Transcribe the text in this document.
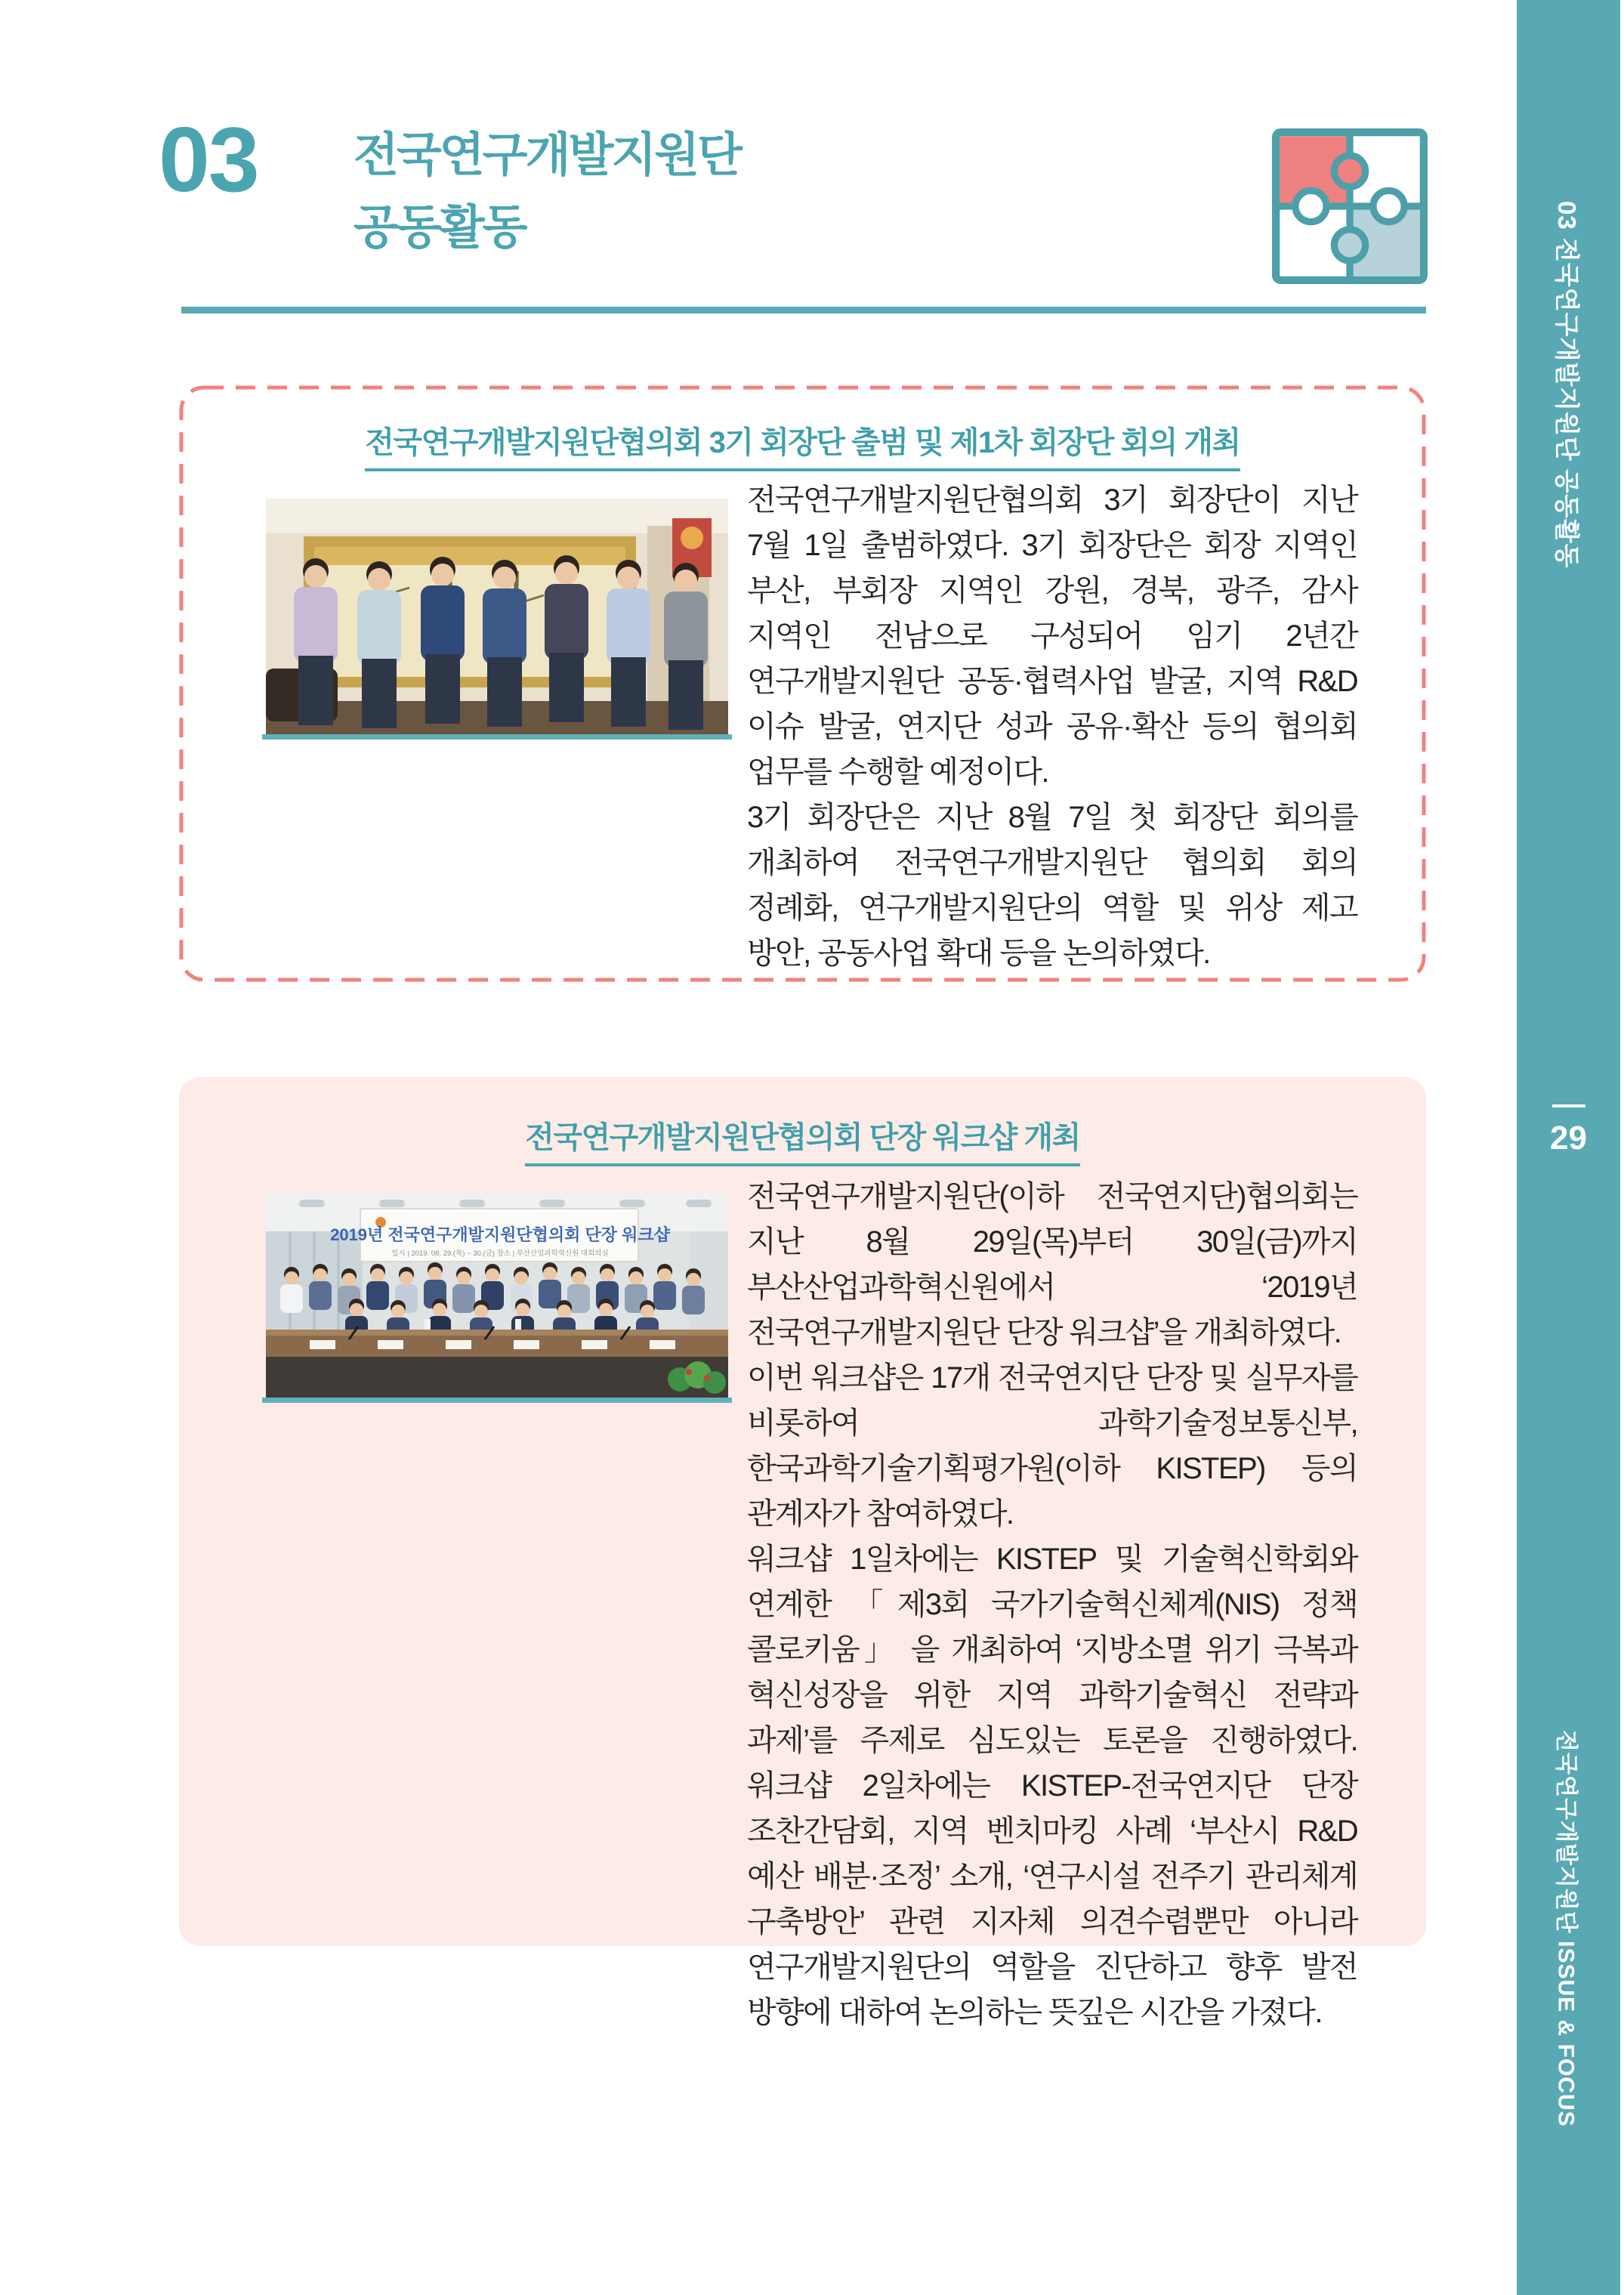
03 전국연구개발지원단
공동활동
전국연구개발지원단협의회 3기 회장단 출범 및 제1차 회장단 회의 개최

전국연구개발지원단협의회 3기 회장단이 지난 7월 1일 출범하였다. 3기 회장단은 회장 지역인 부산, 부회장 지역인 강원, 경북, 광주, 감사 지역인 전남으로 구성되어 임기 2년간 연구개발지원단 공동·협력사업 발굴, 지역 R&D 이슈 발굴, 연지단 성과 공유·확산 등의 협의회 업무를 수행할 예정이다.

3기 회장단은 지난 8월 7일 첫 회장단 회의를 개최하여 전국연구개발지원단 협의회 회의 정례화, 연구개발지원단의 역할 및 위상 제고 방안, 공동사업 확대 등을 논의하였다.

전국연구개발지원단협의회 단장 워크샵 개최
2019년 전국연구개발지원단협의회 단장 워크샵
일시 | 2019. 08. 29.(목) ~ 30.(금) 장소 | 부산산업과학혁신원 대회의실

전국연구개발지원단(이하 전국연지단)협의회는 지난 8월 29일(목)부터 30일(금)까지 부산산업과학혁신원에서 ‘2019년 전국연구개발지원단 단장 워크샵’을 개최하였다.

이번 워크샵은 17개 전국연지단 단장 및 실무자를 비롯하여 과학기술정보통신부, 한국과학기술기획평가원(이하 KISTEP) 등의 관계자가 참여하였다.

워크샵 1일차에는 KISTEP 및 기술혁신학회와 연계한 「제3회 국가기술혁신체계(NIS) 정책 콜로키움」 을 개최하여 ‘지방소멸 위기 극복과 혁신성장을 위한 지역 과학기술혁신 전략과 과제’를 주제로 심도있는 토론을 진행하였다. 워크샵 2일차에는 KISTEP-전국연지단 단장 조찬간담회, 지역 벤치마킹 사례 ‘부산시 R&D 예산 배분·조정’ 소개, ‘연구시설 전주기 관리체계 구축방안’ 관련 지자체 의견수렴뿐만 아니라 연구개발지원단의 역할을 진단하고 향후 발전 방향에 대하여 논의하는 뜻깊은 시간을 가졌다.

03 전국연구개발지원단 공동활동
29
전국연구개발지원단 ISSUE & FOCUS
